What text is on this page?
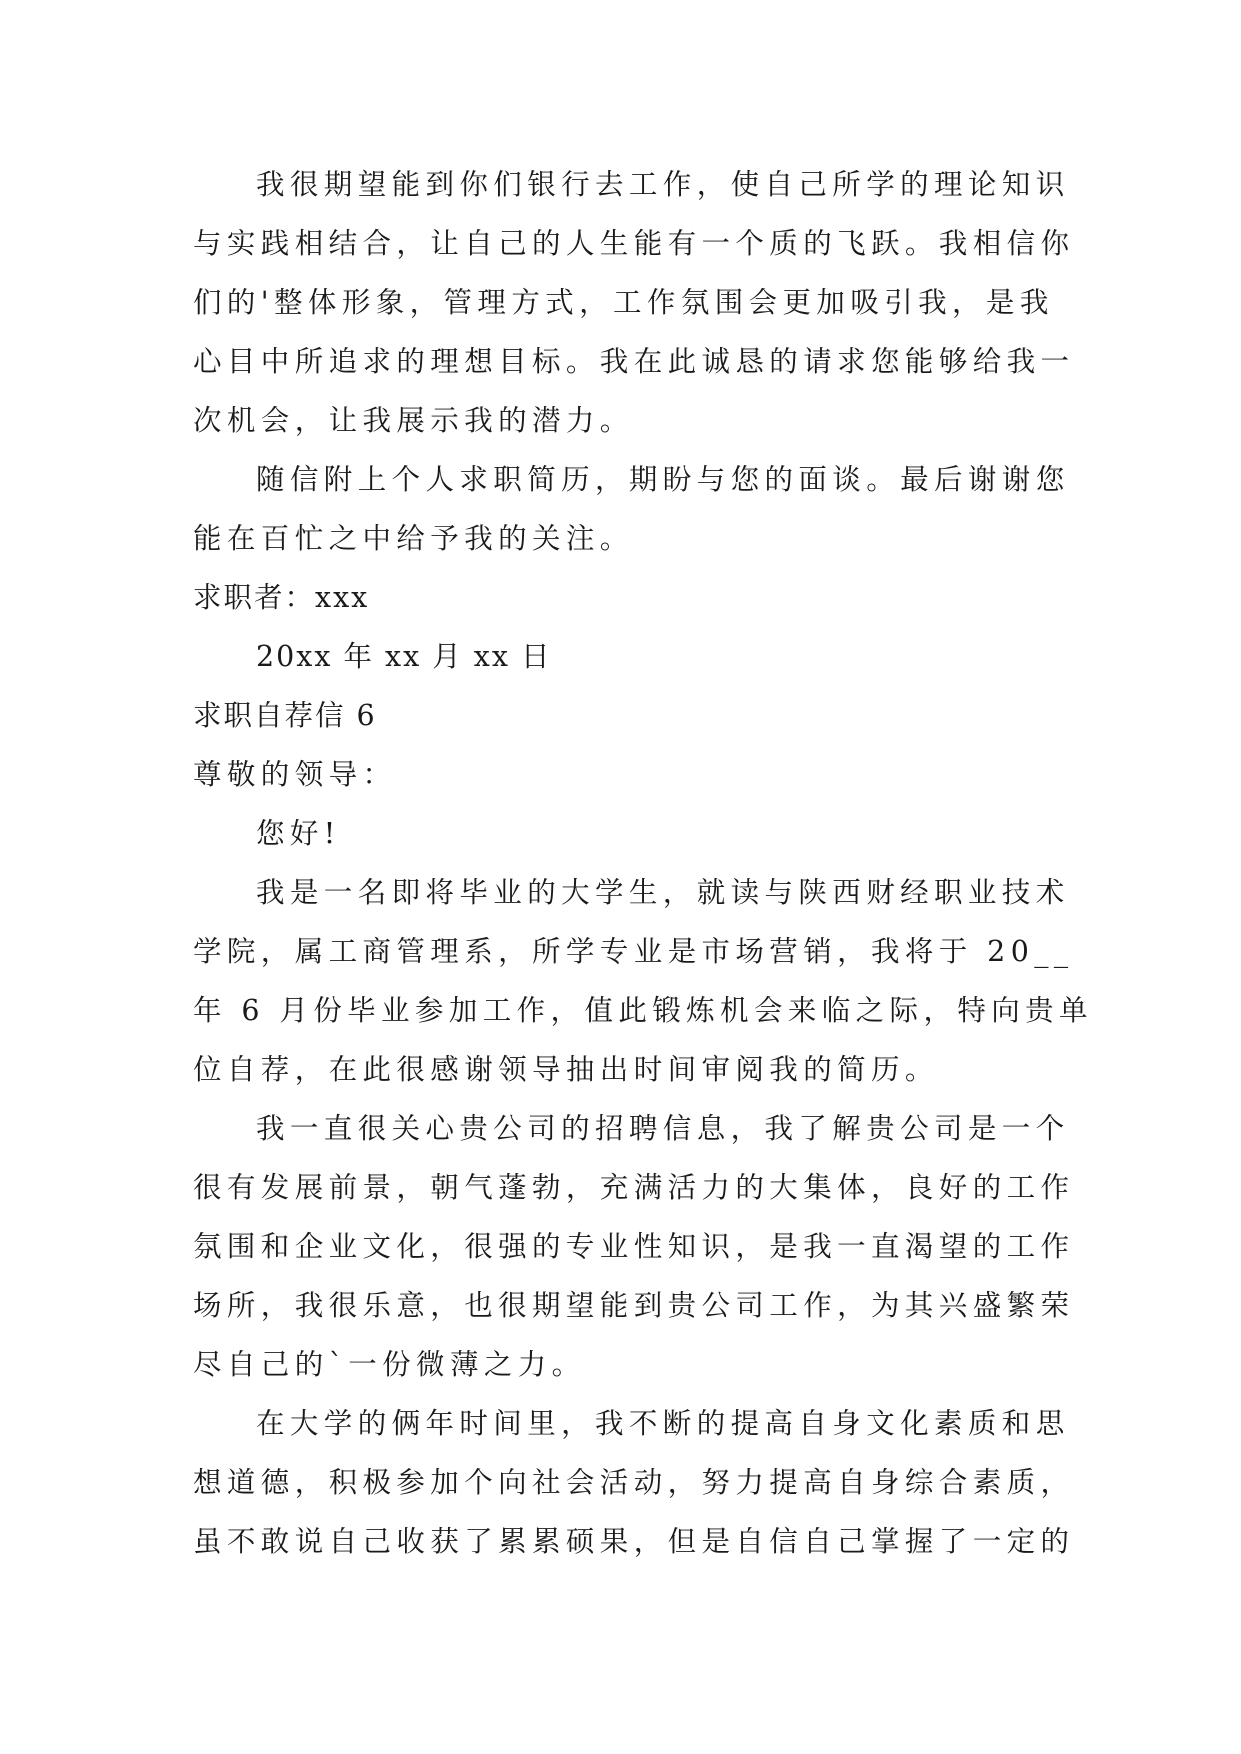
我很期望能到你们银行去工作，使自己所学的理论知识
与实践相结合，让自己的人生能有一个质的飞跃。我相信你
们的'整体形象，管理方式，工作氛围会更加吸引我，是我
心目中所追求的理想目标。我在此诚恳的请求您能够给我一
次机会，让我展示我的潜力。
随信附上个人求职简历，期盼与您的面谈。最后谢谢您
能在百忙之中给予我的关注。
求职者：xxx
20xx 年 xx 月 xx 日
求职自荐信 6
尊敬的领导：
您好!
我是一名即将毕业的大学生，就读与陕西财经职业技术
学院，属工商管理系，所学专业是市场营销，我将于 20__
年 6 月份毕业参加工作，值此锻炼机会来临之际，特向贵单
位自荐，在此很感谢领导抽出时间审阅我的简历。
我一直很关心贵公司的招聘信息，我了解贵公司是一个
很有发展前景，朝气蓬勃，充满活力的大集体，良好的工作
氛围和企业文化，很强的专业性知识，是我一直渴望的工作
场所，我很乐意，也很期望能到贵公司工作，为其兴盛繁荣
尽自己的`一份微薄之力。
在大学的俩年时间里，我不断的提高自身文化素质和思
想道德，积极参加个向社会活动，努力提高自身综合素质，
虽不敢说自己收获了累累硕果，但是自信自己掌握了一定的
